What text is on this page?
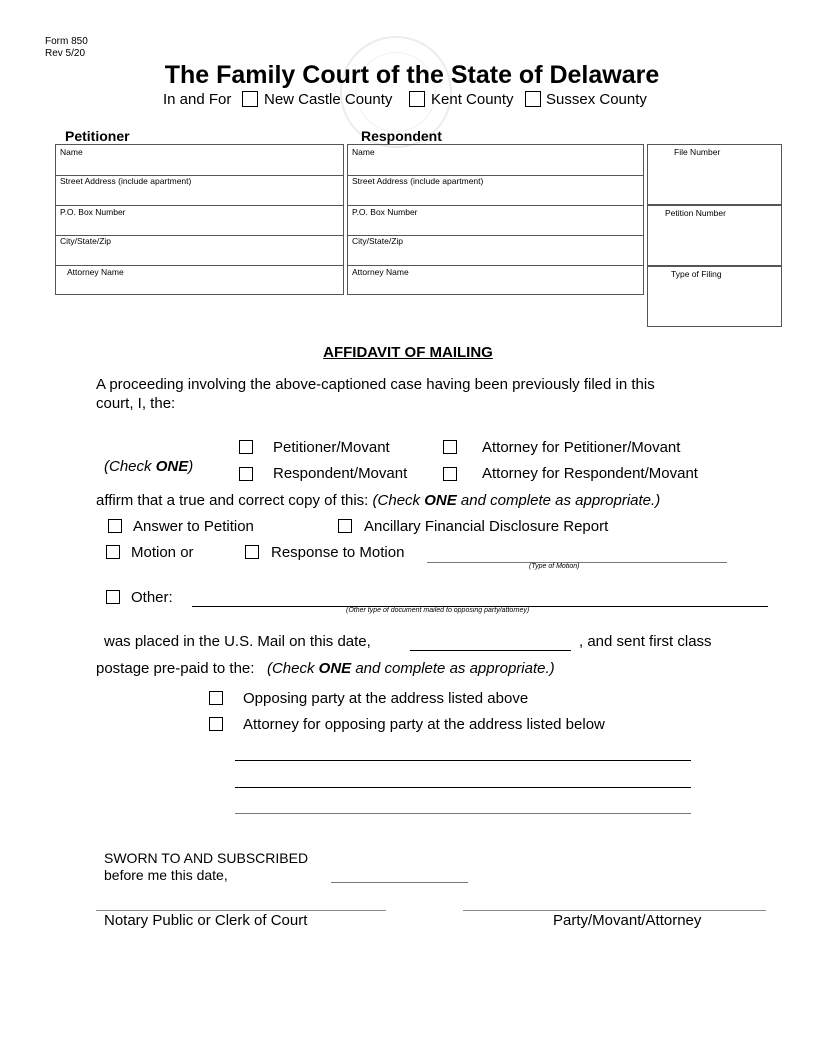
Form 850
Rev 5/20
The Family Court of the State of Delaware
In and For New Castle County	Kent County Sussex County
Petitioner	Respondent
Name
Street Address (include apartment)
P.O. Box Number
City/State/Zip
Attorney Name
Name
Street Address (include apartment)
P.O. Box Number
City/State/Zip
Attorney Name
File Number
Petition Number
Type of Filing
AFFIDAVIT OF MAILING
A proceeding involving the above-captioned case having been previously filed in this
court, I, the:
(Check ONE)
Petitioner/Movant	Attorney for Petitioner/Movant
Respondent/Movant	Attorney for Respondent/Movant
affirm that a true and correct copy of this: (Check ONE and complete as appropriate.)
Answer to Petition	Ancillary Financial Disclosure Report
Motion or	Response to Motion
(Type of Motion)
Other:
(Other type of document mailed to opposing party/attorney)
was placed in the U.S. Mail on this date,	, and sent first class
postage pre-paid to the: (Check ONE and complete as appropriate.)
Opposing party at the address listed above
Attorney for opposing party at the address listed below
SWORN TO AND SUBSCRIBED
before me this date,
Notary Public or Clerk of Court	Party/Movant/Attorney
